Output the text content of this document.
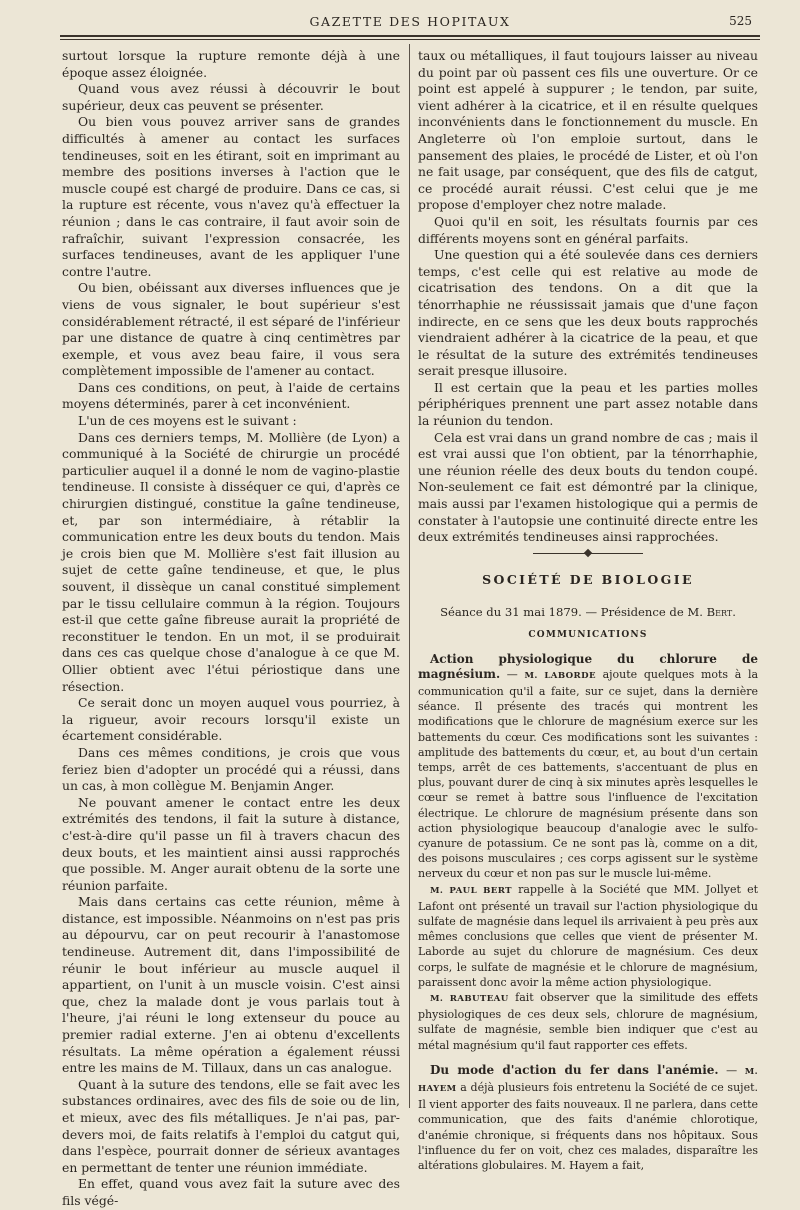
GAZETTE DES HOPITAUX	525

surtout lorsque la rupture remonte déjà à une époque assez éloignée.

Quand vous avez réussi à découvrir le bout supérieur, deux cas peuvent se présenter.

Ou bien vous pouvez arriver sans de grandes difficultés à amener au contact les surfaces tendineuses, soit en les étirant, soit en imprimant au membre des positions inverses à l'action que le muscle coupé est chargé de produire. Dans ce cas, si la rupture est récente, vous n'avez qu'à effectuer la réunion ; dans le cas contraire, il faut avoir soin de rafraîchir, suivant l'expression consacrée, les surfaces tendineuses, avant de les appliquer l'une contre l'autre.

Ou bien, obéissant aux diverses influences que je viens de vous signaler, le bout supérieur s'est considérablement rétracté, il est séparé de l'inférieur par une distance de quatre à cinq centimètres par exemple, et vous avez beau faire, il vous sera complètement impossible de l'amener au contact.

Dans ces conditions, on peut, à l'aide de certains moyens déterminés, parer à cet inconvénient.

L'un de ces moyens est le suivant :

Dans ces derniers temps, M. Mollière (de Lyon) a communiqué à la Société de chirurgie un procédé particulier auquel il a donné le nom de vagino-plastie tendineuse. Il consiste à disséquer ce qui, d'après ce chirurgien distingué, constitue la gaîne tendineuse, et, par son intermédiaire, à rétablir la communication entre les deux bouts du tendon. Mais je crois bien que M. Mollière s'est fait illusion au sujet de cette gaîne tendineuse, et que, le plus souvent, il dissèque un canal constitué simplement par le tissu cellulaire commun à la région. Toujours est-il que cette gaîne fibreuse aurait la propriété de reconstituer le tendon. En un mot, il se produirait dans ces cas quelque chose d'analogue à ce que M. Ollier obtient avec l'étui périostique dans une résection.

Ce serait donc un moyen auquel vous pourriez, à la rigueur, avoir recours lorsqu'il existe un écartement considérable.

Dans ces mêmes conditions, je crois que vous feriez bien d'adopter un procédé qui a réussi, dans un cas, à mon collègue M. Benjamin Anger.

Ne pouvant amener le contact entre les deux extrémités des tendons, il fait la suture à distance, c'est-à-dire qu'il passe un fil à travers chacun des deux bouts, et les maintient ainsi aussi rapprochés que possible. M. Anger aurait obtenu de la sorte une réunion parfaite.

Mais dans certains cas cette réunion, même à distance, est impossible. Néanmoins on n'est pas pris au dépourvu, car on peut recourir à l'anastomose tendineuse. Autrement dit, dans l'impossibilité de réunir le bout inférieur au muscle auquel il appartient, on l'unit à un muscle voisin. C'est ainsi que, chez la malade dont je vous parlais tout à l'heure, j'ai réuni le long extenseur du pouce au premier radial externe. J'en ai obtenu d'excellents résultats. La même opération a également réussi entre les mains de M. Tillaux, dans un cas analogue.

Quant à la suture des tendons, elle se fait avec les substances ordinaires, avec des fils de soie ou de lin, et mieux, avec des fils métalliques. Je n'ai pas, par-devers moi, de faits relatifs à l'emploi du catgut qui, dans l'espèce, pourrait donner de sérieux avantages en permettant de tenter une réunion immédiate.

En effet, quand vous avez fait la suture avec des fils végé-

taux ou métalliques, il faut toujours laisser au niveau du point par où passent ces fils une ouverture. Or ce point est appelé à suppurer ; le tendon, par suite, vient adhérer à la cicatrice, et il en résulte quelques inconvénients dans le fonctionnement du muscle. En Angleterre où l'on emploie surtout, dans le pansement des plaies, le procédé de Lister, et où l'on ne fait usage, par conséquent, que des fils de catgut, ce procédé aurait réussi. C'est celui que je me propose d'employer chez notre malade.

Quoi qu'il en soit, les résultats fournis par ces différents moyens sont en général parfaits.

Une question qui a été soulevée dans ces derniers temps, c'est celle qui est relative au mode de cicatrisation des tendons. On a dit que la ténorrhaphie ne réussissait jamais que d'une façon indirecte, en ce sens que les deux bouts rapprochés viendraient adhérer à la cicatrice de la peau, et que le résultat de la suture des extrémités tendineuses serait presque illusoire.

Il est certain que la peau et les parties molles périphériques prennent une part assez notable dans la réunion du tendon.

Cela est vrai dans un grand nombre de cas ; mais il est vrai aussi que l'on obtient, par la ténorrhaphie, une réunion réelle des deux bouts du tendon coupé. Non-seulement ce fait est démontré par la clinique, mais aussi par l'examen histologique qui a permis de constater à l'autopsie une continuité directe entre les deux extrémités tendineuses ainsi rapprochées.

SOCIÉTÉ DE BIOLOGIE
Séance du 31 mai 1879. — Présidence de M. Bert.
COMMUNICATIONS

Action physiologique du chlorure de magnésium. — M. LABORDE ajoute quelques mots à la communication qu'il a faite, sur ce sujet, dans la dernière séance. Il présente des tracés qui montrent les modifications que le chlorure de magnésium exerce sur les battements du cœur. Ces modifications sont les suivantes : amplitude des battements du cœur, et, au bout d'un certain temps, arrêt de ces battements, s'accentuant de plus en plus, pouvant durer de cinq à six minutes après lesquelles le cœur se remet à battre sous l'influence de l'excitation électrique. Le chlorure de magnésium présente dans son action physiologique beaucoup d'analogie avec le sulfo-cyanure de potassium. Ce ne sont pas là, comme on a dit, des poisons musculaires ; ces corps agissent sur le système nerveux du cœur et non pas sur le muscle lui-même.

M. PAUL BERT rappelle à la Société que MM. Jollyet et Lafont ont présenté un travail sur l'action physiologique du sulfate de magnésie dans lequel ils arrivaient à peu près aux mêmes conclusions que celles que vient de présenter M. Laborde au sujet du chlorure de magnésium. Ces deux corps, le sulfate de magnésie et le chlorure de magnésium, paraissent donc avoir la même action physiologique.

M. RABUTEAU fait observer que la similitude des effets physiologiques de ces deux sels, chlorure de magnésium, sulfate de magnésie, semble bien indiquer que c'est au métal magnésium qu'il faut rapporter ces effets.

Du mode d'action du fer dans l'anémie. — M. HAYEM a déjà plusieurs fois entretenu la Société de ce sujet. Il vient apporter des faits nouveaux. Il ne parlera, dans cette communication, que des faits d'anémie chlorotique, d'anémie chronique, si fréquents dans nos hôpitaux. Sous l'influence du fer on voit, chez ces malades, disparaître les altérations globulaires. M. Hayem a fait,
